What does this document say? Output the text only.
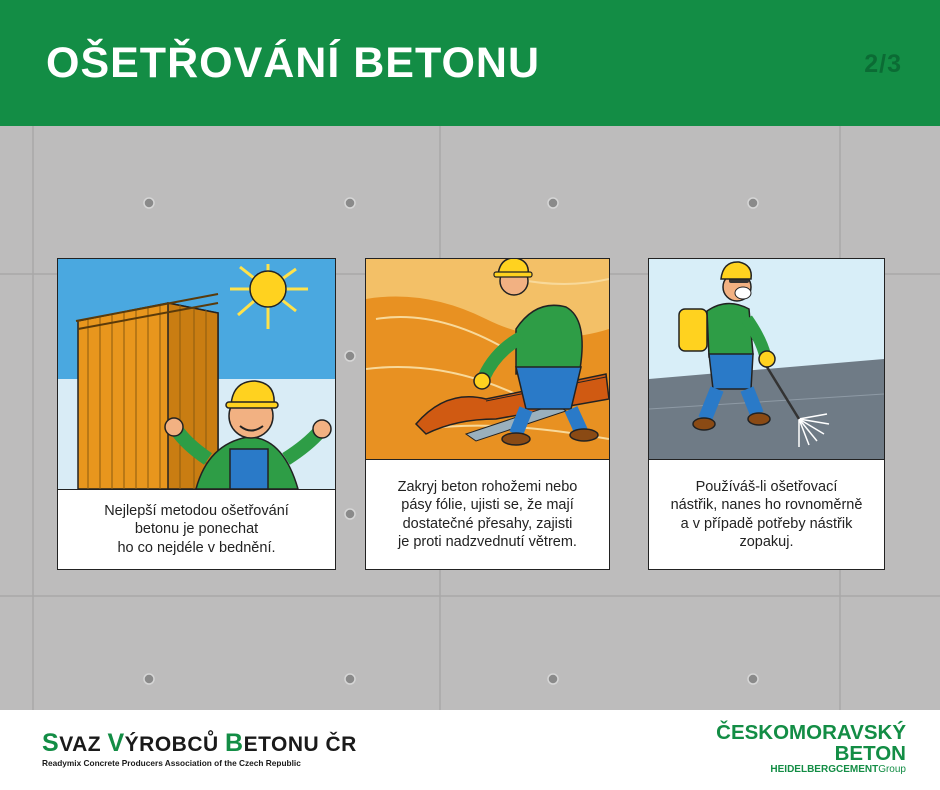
OŠETŘOVÁNÍ BETONU	2/3
Nejlepší metodou ošetřování
betonu je ponechat
ho co nejdéle v bednění.
Zakryj beton rohožemi nebo
pásy fólie, ujisti se, že mají
dostatečné přesahy, zajisti
je proti nadzvednutí větrem.
Používáš-li ošetřovací
nástřik, nanes ho rovnoměrně
a v případě potřeby nástřik
zopakuj.
SVAZ VÝROBCŮ BETONU ČR
Readymix Concrete Producers Association of the Czech Republic
ČESKOMORAVSKÝ
BETON
HEIDELBERGCEMENTGroup
